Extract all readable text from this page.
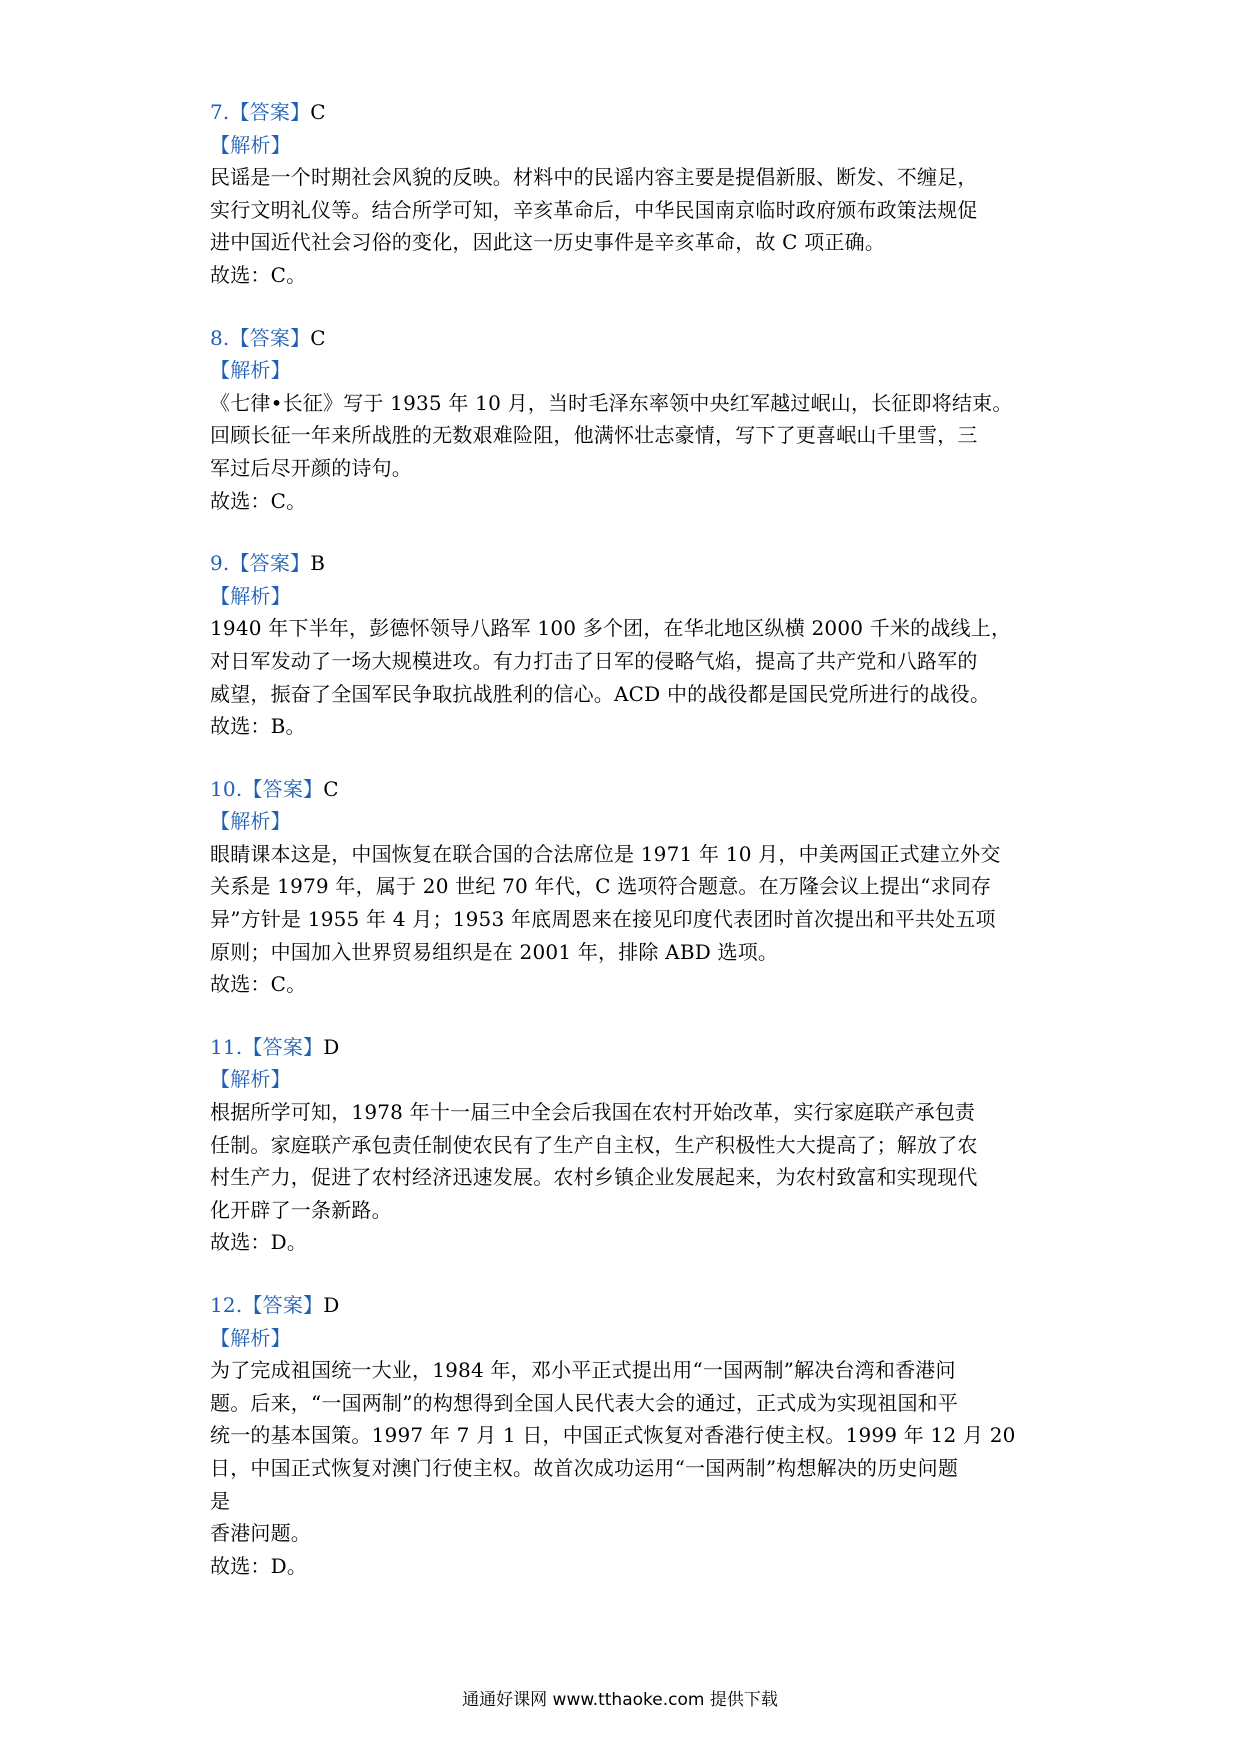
7.【答案】C
【解析】
民谣是一个时期社会风貌的反映。材料中的民谣内容主要是提倡新服、断发、不缠足，
实行文明礼仪等。结合所学可知，辛亥革命后，中华民国南京临时政府颁布政策法规促
进中国近代社会习俗的变化，因此这一历史事件是辛亥革命，故 C 项正确。
故选：C。
8.【答案】C
【解析】
《七律•长征》写于 1935 年 10 月，当时毛泽东率领中央红军越过岷山，长征即将结束。
回顾长征一年来所战胜的无数艰难险阻，他满怀壮志豪情，写下了更喜岷山千里雪，三
军过后尽开颜的诗句。
故选：C。
9.【答案】B
【解析】
1940 年下半年，彭德怀领导八路军 100 多个团，在华北地区纵横 2000 千米的战线上，
对日军发动了一场大规模进攻。有力打击了日军的侵略气焰，提高了共产党和八路军的
威望，振奋了全国军民争取抗战胜利的信心。ACD 中的战役都是国民党所进行的战役。
故选：B。
10.【答案】C
【解析】
眼睛课本这是，中国恢复在联合国的合法席位是 1971 年 10 月，中美两国正式建立外交
关系是 1979 年，属于 20 世纪 70 年代，C 选项符合题意。在万隆会议上提出“求同存
异”方针是 1955 年 4 月；1953 年底周恩来在接见印度代表团时首次提出和平共处五项
原则；中国加入世界贸易组织是在 2001 年，排除 ABD 选项。
故选：C。
11.【答案】D
【解析】
根据所学可知，1978 年十一届三中全会后我国在农村开始改革，实行家庭联产承包责
任制。家庭联产承包责任制使农民有了生产自主权，生产积极性大大提高了；解放了农
村生产力，促进了农村经济迅速发展。农村乡镇企业发展起来，为农村致富和实现现代
化开辟了一条新路。
故选：D。
12.【答案】D
【解析】
为了完成祖国统一大业，1984 年，邓小平正式提出用“一国两制”解决台湾和香港问
题。后来，“一国两制”的构想得到全国人民代表大会的通过，正式成为实现祖国和平
统一的基本国策。1997 年 7 月 1 日，中国正式恢复对香港行使主权。1999 年 12 月 20
日，中国正式恢复对澳门行使主权。故首次成功运用“一国两制”构想解决的历史问题
是
香港问题。
故选：D。
通通好课网 www.tthaoke.com 提供下载
